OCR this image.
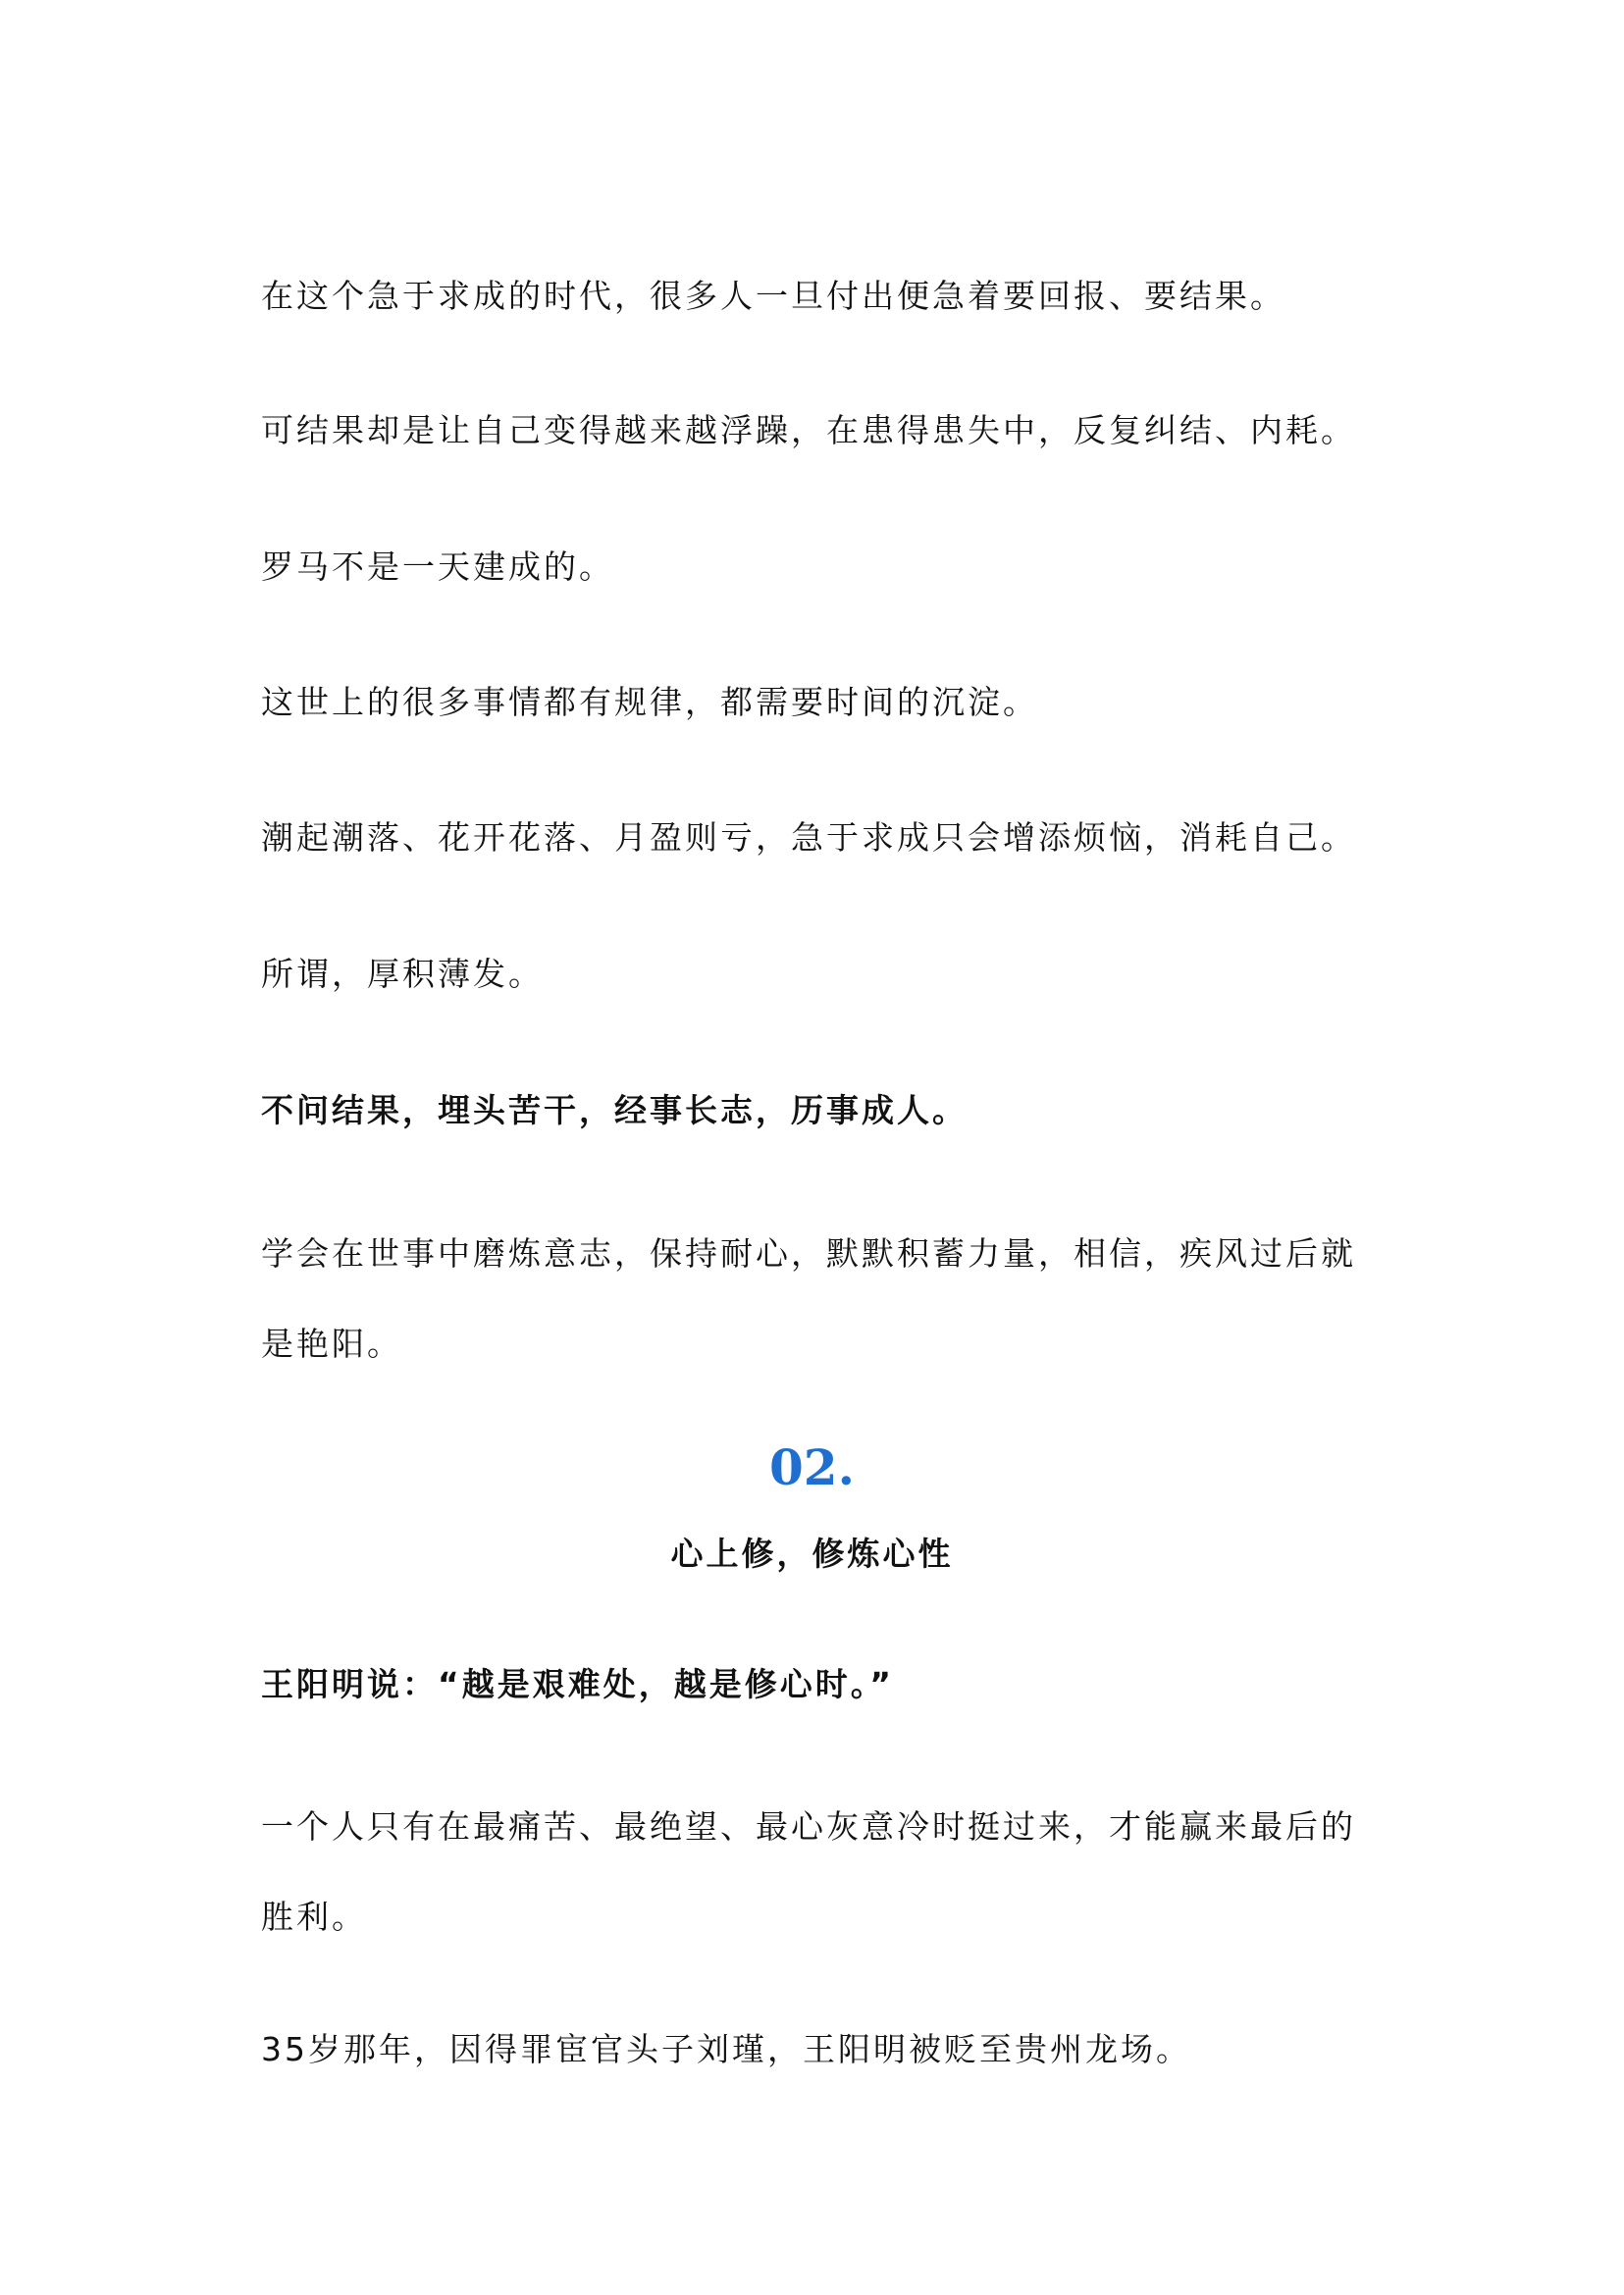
在这个急于求成的时代，很多人一旦付出便急着要回报、要结果。

可结果却是让自己变得越来越浮躁，在患得患失中，反复纠结、内耗。

罗马不是一天建成的。

这世上的很多事情都有规律，都需要时间的沉淀。

潮起潮落、花开花落、月盈则亏，急于求成只会增添烦恼，消耗自己。

所谓，厚积薄发。

不问结果，埋头苦干，经事长志，历事成人。

学会在世事中磨炼意志，保持耐心，默默积蓄力量，相信，疾风过后就是艳阳。

02.
心上修，修炼心性

王阳明说：“越是艰难处，越是修心时。”

一个人只有在最痛苦、最绝望、最心灰意冷时挺过来，才能赢来最后的胜利。

35岁那年，因得罪宦官头子刘瑾，王阳明被贬至贵州龙场。
